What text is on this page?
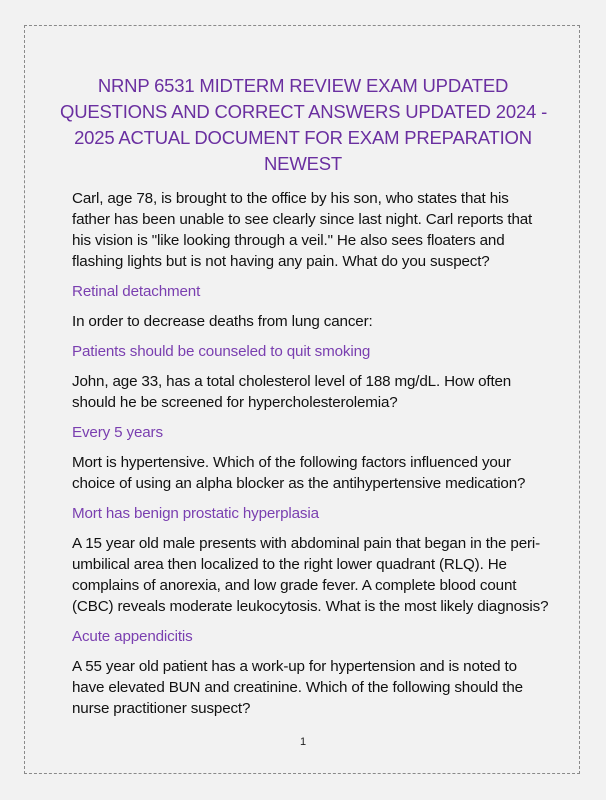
NRNP 6531 MIDTERM REVIEW EXAM UPDATED
QUESTIONS AND CORRECT ANSWERS UPDATED 2024 -
2025 ACTUAL DOCUMENT FOR EXAM PREPARATION
NEWEST
Carl, age 78, is brought to the office by his son, who states that his
father has been unable to see clearly since last night. Carl reports that
his vision is "like looking through a veil." He also sees floaters and
flashing lights but is not having any pain. What do you suspect?
Retinal detachment
In order to decrease deaths from lung cancer:
Patients should be counseled to quit smoking
John, age 33, has a total cholesterol level of 188 mg/dL. How often
should he be screened for hypercholesterolemia?
Every 5 years
Mort is hypertensive. Which of the following factors influenced your
choice of using an alpha blocker as the antihypertensive medication?
Mort has benign prostatic hyperplasia
A 15 year old male presents with abdominal pain that began in the peri-
umbilical area then localized to the right lower quadrant (RLQ). He
complains of anorexia, and low grade fever. A complete blood count
(CBC) reveals moderate leukocytosis. What is the most likely diagnosis?
Acute appendicitis
A 55 year old patient has a work-up for hypertension and is noted to
have elevated BUN and creatinine. Which of the following should the
nurse practitioner suspect?
1
